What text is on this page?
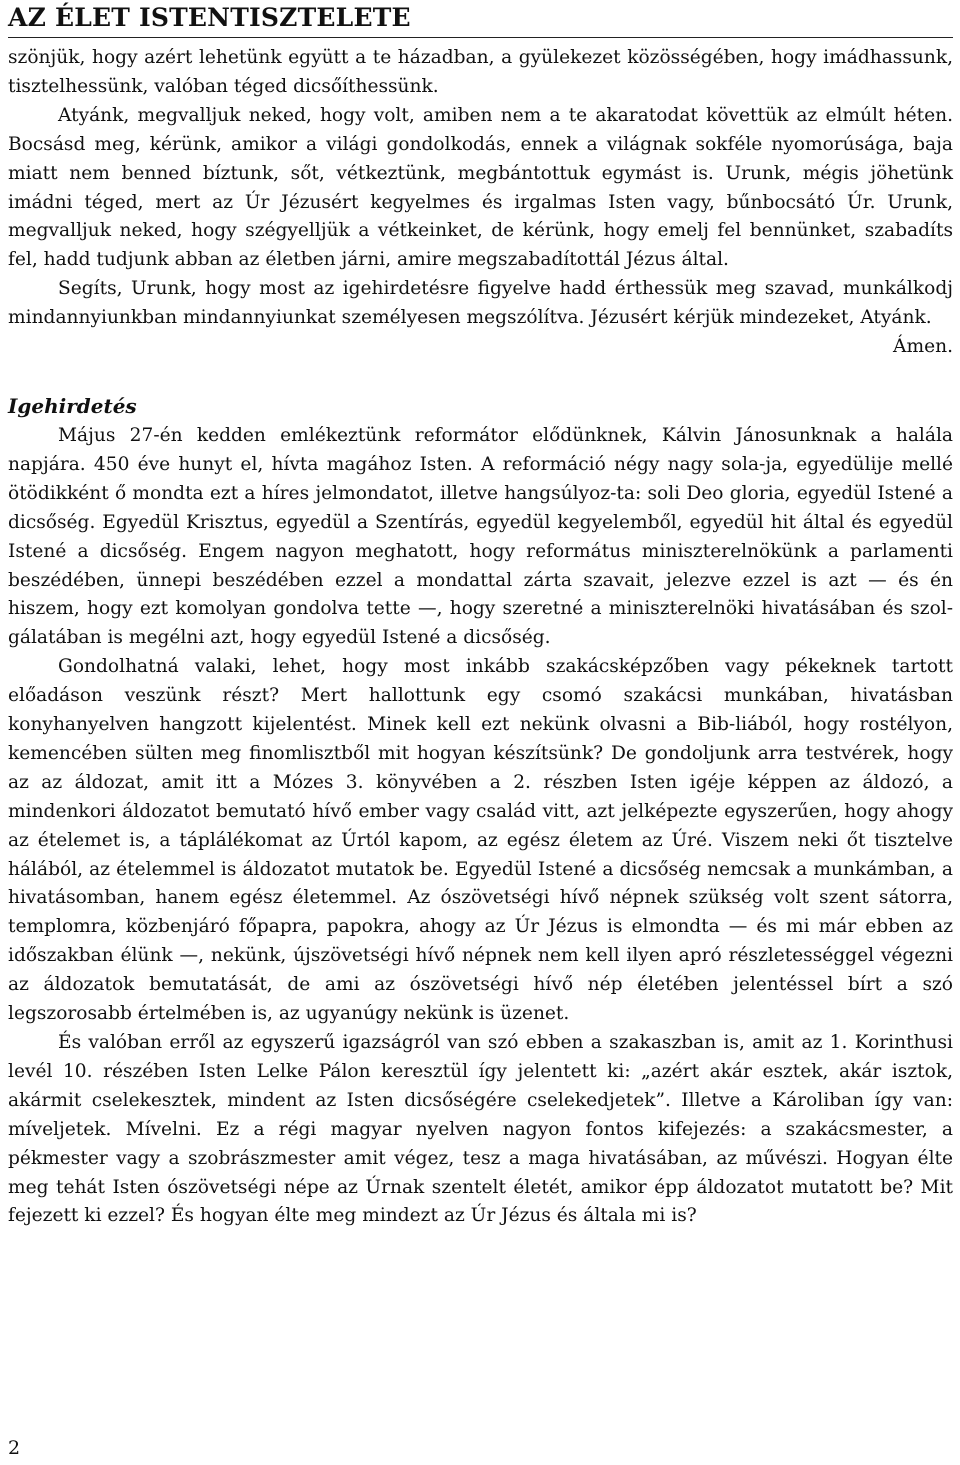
AZ ÉLET ISTENTISZTELETE

szönjük, hogy azért lehetünk együtt a te házadban, a gyülekezet közösségében, hogy imádhassunk, tisztelhessünk, valóban téged dicsőíthessünk.

Atyánk, megvalljuk neked, hogy volt, amiben nem a te akaratodat követtük az elmúlt héten. Bocsásd meg, kérünk, amikor a világi gondolkodás, ennek a világnak sokféle nyomorúsága, baja miatt nem benned bíztunk, sőt, vétkeztünk, megbántottuk egymást is. Urunk, mégis jöhetünk imádni téged, mert az Úr Jézusért kegyelmes és irgalmas Isten vagy, bűnbocsátó Úr. Urunk, megvalljuk neked, hogy szégyelljük a vétkeinket, de kérünk, hogy emelj fel bennünket, szabadíts fel, hadd tudjunk abban az életben járni, amire megszabadítottál Jézus által.

Segíts, Urunk, hogy most az igehirdetésre figyelve hadd érthessük meg szavad, munkálkodj mindannyiunkban mindannyiunkat személyesen megszólítva. Jézusért kérjük mindezeket, Atyánk.

Ámen.

Igehirdetés

Május 27-én kedden emlékeztünk reformátor elődünknek, Kálvin Jánosunknak a halála napjára. 450 éve hunyt el, hívta magához Isten. A reformáció négy nagy sola-ja, egyedülije mellé ötödikként ő mondta ezt a híres jelmondatot, illetve hangsúlyoz-ta: soli Deo gloria, egyedül Istené a dicsőség. Egyedül Krisztus, egyedül a Szentírás, egyedül kegyelemből, egyedül hit által és egyedül Istené a dicsőség. Engem nagyon meghatott, hogy református miniszterelnökünk a parlamenti beszédében, ünnepi beszédében ezzel a mondattal zárta szavait, jelezve ezzel is azt — és én hiszem, hogy ezt komolyan gondolva tette —, hogy szeretné a miniszterelnöki hivatásában és szol-gálatában is megélni azt, hogy egyedül Istené a dicsőség.

Gondolhatná valaki, lehet, hogy most inkább szakácsképzőben vagy pékeknek tartott előadáson veszünk részt? Mert hallottunk egy csomó szakácsi munkában, hivatásban konyhanyelven hangzott kijelentést. Minek kell ezt nekünk olvasni a Bib-liából, hogy rostélyon, kemencében sülten meg finomlisztből mit hogyan készítsünk? De gondoljunk arra testvérek, hogy az az áldozat, amit itt a Mózes 3. könyvében a 2. részben Isten igéje képpen az áldozó, a mindenkori áldozatot bemutató hívő ember vagy család vitt, azt jelképezte egyszerűen, hogy ahogy az ételemet is, a táplálékomat az Úrtól kapom, az egész életem az Úré. Viszem neki őt tisztelve hálából, az ételemmel is áldozatot mutatok be. Egyedül Istené a dicsőség nemcsak a munkámban, a hivatásomban, hanem egész életemmel. Az ószövetségi hívő népnek szükség volt szent sátorra, templomra, közbenjáró főpapra, papokra, ahogy az Úr Jézus is elmondta — és mi már ebben az időszakban élünk —, nekünk, újszövetségi hívő népnek nem kell ilyen apró részletességgel végezni az áldozatok bemutatását, de ami az ószövetségi hívő nép életében jelentéssel bírt a szó legszorosabb értelmében is, az ugyanúgy nekünk is üzenet.

És valóban erről az egyszerű igazságról van szó ebben a szakaszban is, amit az 1. Korinthusi levél 10. részében Isten Lelke Pálon keresztül így jelentett ki: „azért akár esztek, akár isztok, akármit cselekesztek, mindent az Isten dicsőségére cselekedjetek”. Illetve a Károliban így van: míveljetek. Mívelni. Ez a régi magyar nyelven nagyon fontos kifejezés: a szakácsmester, a pékmester vagy a szobrászmester amit végez, tesz a maga hivatásában, az művészi. Hogyan élte meg tehát Isten ószövetségi népe az Úrnak szentelt életét, amikor épp áldozatot mutatott be? Mit fejezett ki ezzel? És hogyan élte meg mindezt az Úr Jézus és általa mi is?

2
